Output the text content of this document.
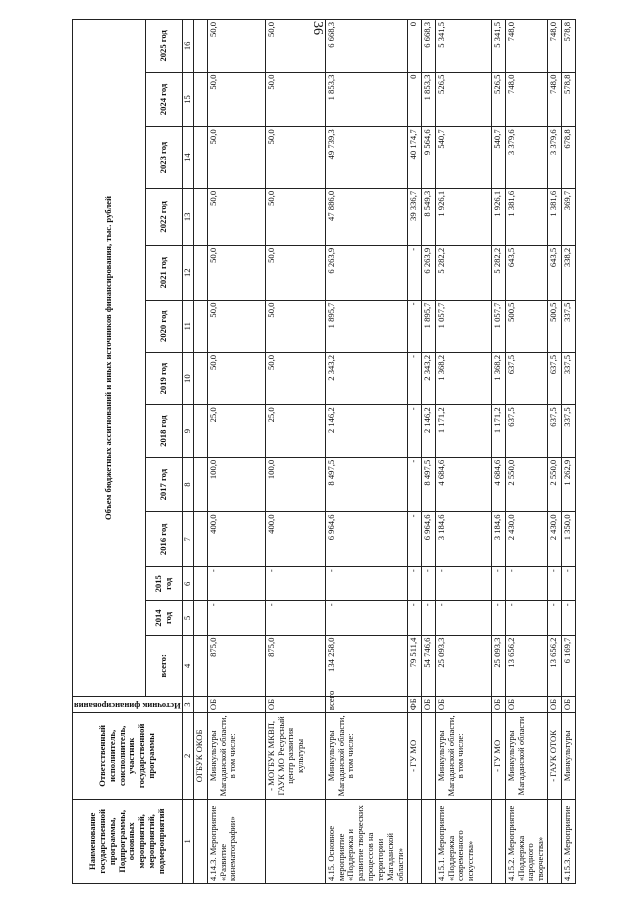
36
Наименование государственной программы, Подпрограммы, основных мероприятий, мероприятий, подмероприятий	Ответственный исполнитель, соисполнитель, участник государственной программы	Источник финансирования	Объем бюджетных ассигнований и иных источников финансирования, тыс. рублей												
			всего:	2014 год	2015 год	2016 год	2017 год	2018 год	2019 год	2020 год	2021 год	2022 год	2023 год	2024 год	2025 год
1	2	3	4	5	6	7	8	9	10	11	12	13	14	15	16
	ОГБУК ОКОБ														
4.14.3. Мероприятие «Развитие кинематографии»	Минкультуры Магаданской области, в том числе:	ОБ	875,0	-	-	400,0	100,0	25,0	50,0	50,0	50,0	50,0	50,0	50,0	50,0
	- МОГБУК МКВП, ГАУК МО Ресурсный центр развития культуры	ОБ	875,0	-	-	400,0	100,0	25,0	50,0	50,0	50,0	50,0	50,0	50,0	50,0
4.15. Основное мероприятие «Поддержка и развитие творческих процессов на территории Магаданской области»	Минкультуры Магаданской области, в том числе:	всего	134 258,0	-	-	6 964,6	8 497,5	2 146,2	2 343,2	1 895,7	6 263,9	47 886,0	49 739,3	1 853,3	6 668,3
	- ГУ МО	ФБ	79 511,4	-	-	-	-	-	-	-	-	39 336,7	40 174,7	0	0
		ОБ	54 746,6	-	-	6 964,6	8 497,5	2 146,2	2 343,2	1 895,7	6 263,9	8 549,3	9 564,6	1 853,3	6 668,3
4.15.1. Мероприятие «Поддержка современного искусства»	Минкультуры Магаданской области, в том числе:	ОБ	25 093,3	-	-	3 184,6	4 684,6	1 171,2	1 368,2	1 057,7	5 282,2	1 926,1	540,7	526,5	5 341,5
	- ГУ МО	ОБ	25 093,3	-	-	3 184,6	4 684,6	1 171,2	1 368,2	1 057,7	5 282,2	1 926,1	540,7	526,5	5 341,5
4.15.2. Мероприятие «Поддержка народного творчества»	Минкультуры Магаданской области	ОБ	13 656,2	-	-	2 430,0	2 550,0	637,5	637,5	500,5	643,5	1 381,6	3 379,6	748,0	748,0
	- ГАУК ОТОК	ОБ	13 656,2	-	-	2 430,0	2 550,0	637,5	637,5	500,5	643,5	1 381,6	3 379,6	748,0	748,0
4.15.3. Мероприятие	Минкультуры	ОБ	6 169,7	-	-	1 350,0	1 262,9	337,5	337,5	337,5	338,2	369,7	678,8	578,8	578,8
